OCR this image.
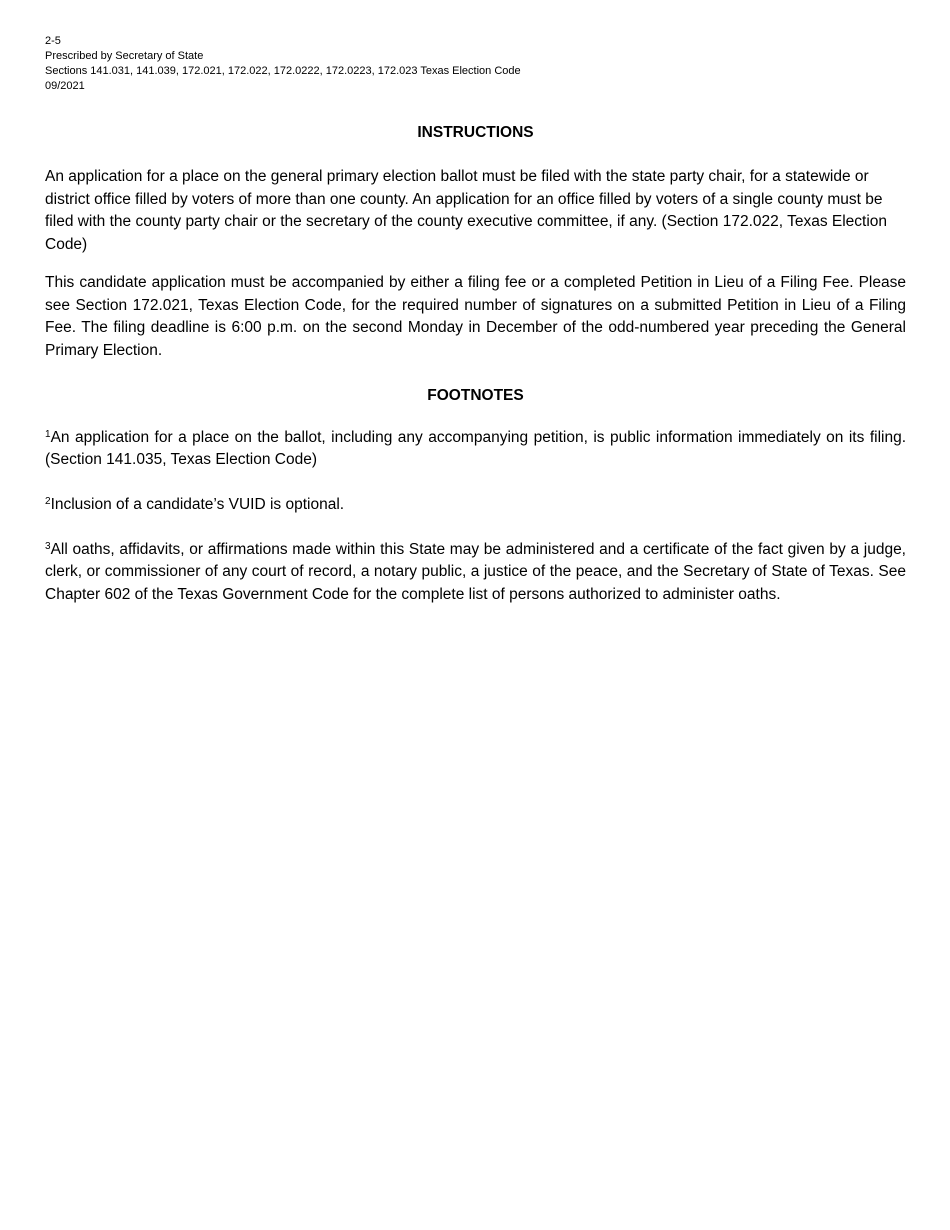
2-5
Prescribed by Secretary of State
Sections 141.031, 141.039, 172.021, 172.022, 172.0222, 172.0223, 172.023 Texas Election Code
09/2021
INSTRUCTIONS

An application for a place on the general primary election ballot must be filed with the state party chair, for a statewide or district office filled by voters of more than one county. An application for an office filled by voters of a single county must be filed with the county party chair or the secretary of the county executive committee, if any. (Section 172.022, Texas Election Code)

This candidate application must be accompanied by either a filing fee or a completed Petition in Lieu of a Filing Fee. Please see Section 172.021, Texas Election Code, for the required number of signatures on a submitted Petition in Lieu of a Filing Fee. The filing deadline is 6:00 p.m. on the second Monday in December of the odd-numbered year preceding the General Primary Election.

FOOTNOTES

$^1$An application for a place on the ballot, including any accompanying petition, is public information immediately on its filing. (Section 141.035, Texas Election Code)

$^2$Inclusion of a candidate’s VUID is optional.

$^3$All oaths, affidavits, or affirmations made within this State may be administered and a certificate of the fact given by a judge, clerk, or commissioner of any court of record, a notary public, a justice of the peace, and the Secretary of State of Texas. See Chapter 602 of the Texas Government Code for the complete list of persons authorized to administer oaths.
